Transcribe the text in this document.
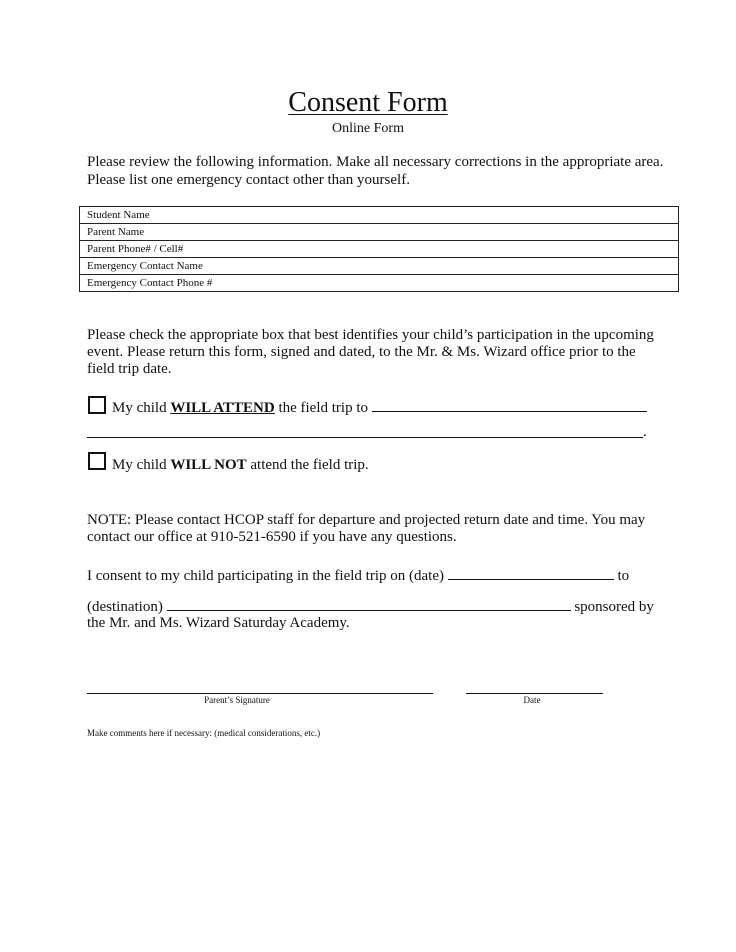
Consent Form
Online Form
Please review the following information. Make all necessary corrections in the appropriate area.
Please list one emergency contact other than yourself.
Student Name
Parent Name
Parent Phone# / Cell#
Emergency Contact Name
Emergency Contact Phone #
Please check the appropriate box that best identifies your child’s participation in the upcoming
event. Please return this form, signed and dated, to the Mr. & Ms. Wizard office prior to the
field trip date.
My child WILL ATTEND the field trip to
.
My child WILL NOT attend the field trip.
NOTE: Please contact HCOP staff for departure and projected return date and time. You may
contact our office at 910-521-6590 if you have any questions.
I consent to my child participating in the field trip on (date)	to
(destination)	sponsored by
the Mr. and Ms. Wizard Saturday Academy.
Parent’s Signature	Date
Make comments here if necessary: (medical considerations, etc.)
